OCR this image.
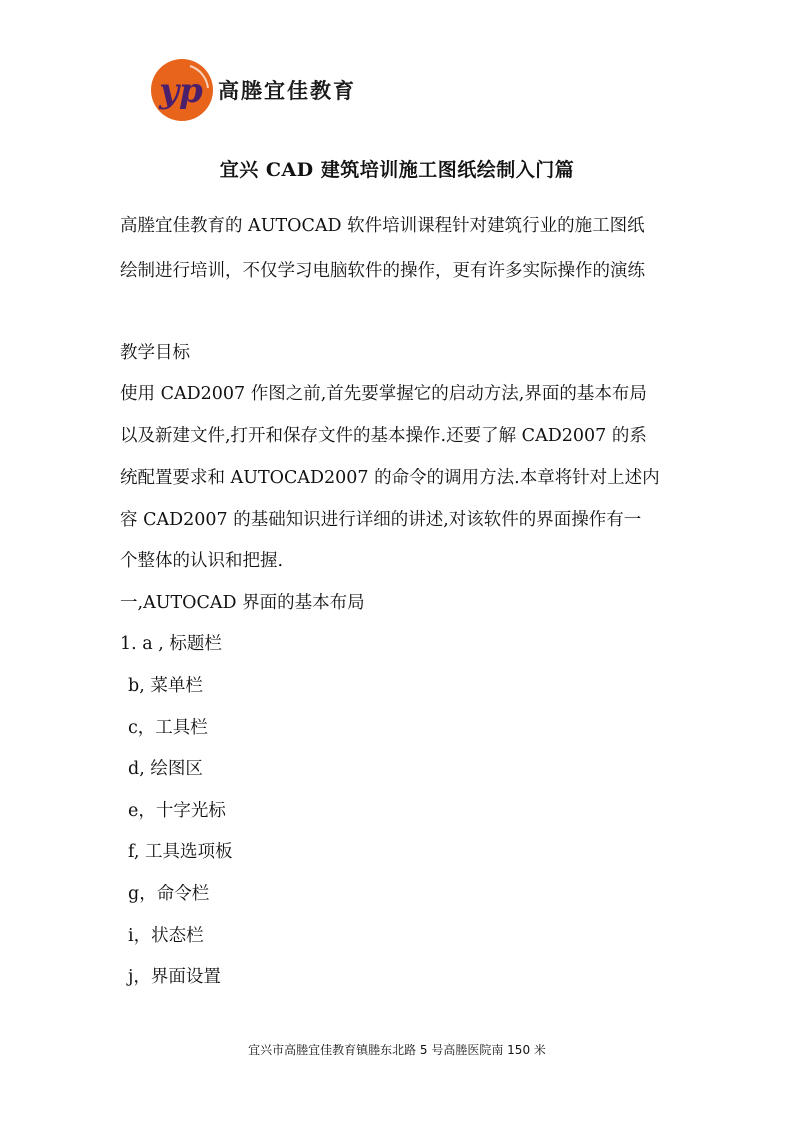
yp 高塍宜佳教育
宜兴 CAD 建筑培训施工图纸绘制入门篇
高塍宜佳教育的 AUTOCAD 软件培训课程针对建筑行业的施工图纸
绘制进行培训，不仅学习电脑软件的操作，更有许多实际操作的演练
教学目标
使用 CAD2007 作图之前,首先要掌握它的启动方法,界面的基本布局
以及新建文件,打开和保存文件的基本操作.还要了解 CAD2007 的系
统配置要求和 AUTOCAD2007 的命令的调用方法.本章将针对上述内
容 CAD2007 的基础知识进行详细的讲述,对该软件的界面操作有一
个整体的认识和把握.
一,AUTOCAD 界面的基本布局
1. a , 标题栏
b, 菜单栏
c，工具栏
d, 绘图区
e，十字光标
f, 工具选项板
g，命令栏
i，状态栏
j，界面设置
宜兴市高塍宜佳教育镇塍东北路 5 号高塍医院南 150 米
